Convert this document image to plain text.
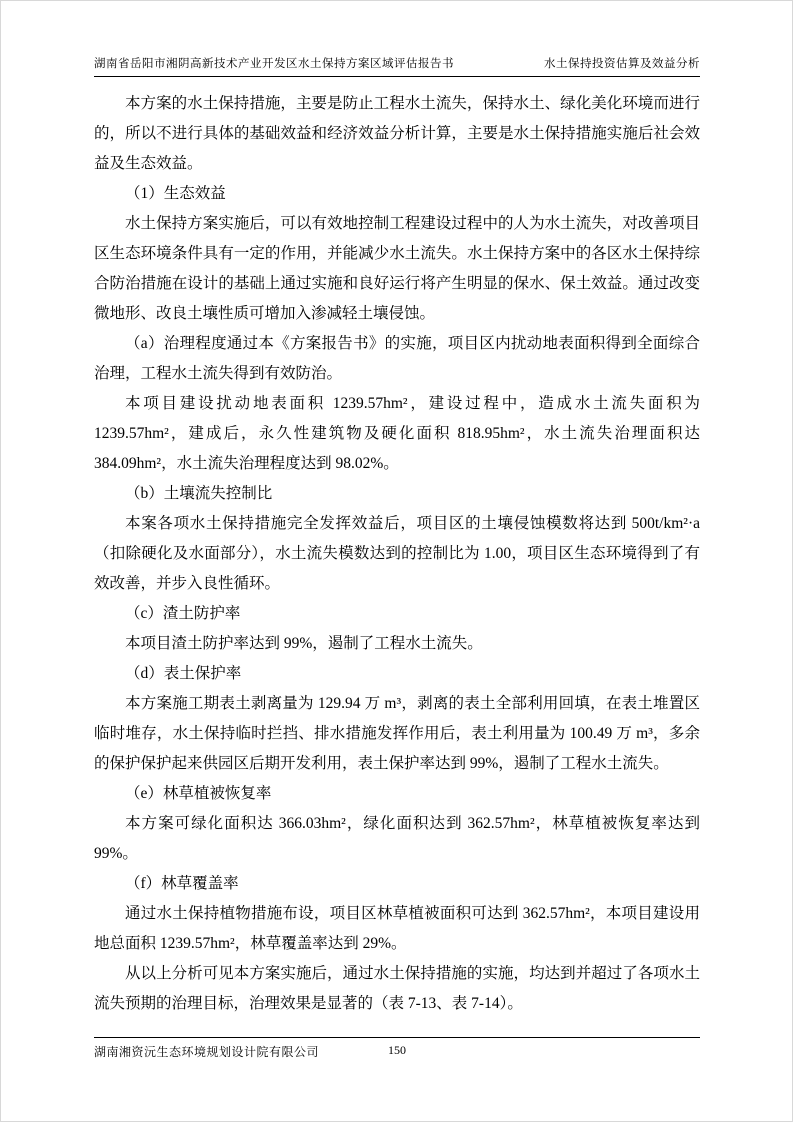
湖南省岳阳市湘阴高新技术产业开发区水土保持方案区域评估报告书	水土保持投资估算及效益分析

本方案的水土保持措施，主要是防止工程水土流失，保持水土、绿化美化环境而进行的，所以不进行具体的基础效益和经济效益分析计算，主要是水土保持措施实施后社会效益及生态效益。

（1）生态效益

水土保持方案实施后，可以有效地控制工程建设过程中的人为水土流失，对改善项目区生态环境条件具有一定的作用，并能减少水土流失。水土保持方案中的各区水土保持综合防治措施在设计的基础上通过实施和良好运行将产生明显的保水、保土效益。通过改变微地形、改良土壤性质可增加入渗减轻土壤侵蚀。

（a）治理程度通过本《方案报告书》的实施，项目区内扰动地表面积得到全面综合治理，工程水土流失得到有效防治。

本项目建设扰动地表面积 1239.57hm²，建设过程中，造成水土流失面积为 1239.57hm²，建成后，永久性建筑物及硬化面积 818.95hm²，水土流失治理面积达 384.09hm²，水土流失治理程度达到 98.02%。

（b）土壤流失控制比

本案各项水土保持措施完全发挥效益后，项目区的土壤侵蚀模数将达到 500t/km²·a（扣除硬化及水面部分），水土流失模数达到的控制比为 1.00，项目区生态环境得到了有效改善，并步入良性循环。

（c）渣土防护率

本项目渣土防护率达到 99%，遏制了工程水土流失。

（d）表土保护率

本方案施工期表土剥离量为 129.94 万 m³，剥离的表土全部利用回填，在表土堆置区临时堆存，水土保持临时拦挡、排水措施发挥作用后，表土利用量为 100.49 万 m³，多余的保护保护起来供园区后期开发利用，表土保护率达到 99%，遏制了工程水土流失。

（e）林草植被恢复率

本方案可绿化面积达 366.03hm²，绿化面积达到 362.57hm²，林草植被恢复率达到 99%。

（f）林草覆盖率

通过水土保持植物措施布设，项目区林草植被面积可达到 362.57hm²，本项目建设用地总面积 1239.57hm²，林草覆盖率达到 29%。

从以上分析可见本方案实施后，通过水土保持措施的实施，均达到并超过了各项水土流失预期的治理目标，治理效果是显著的（表 7-13、表 7-14）。

湖南湘资沅生态环境规划设计院有限公司	150
